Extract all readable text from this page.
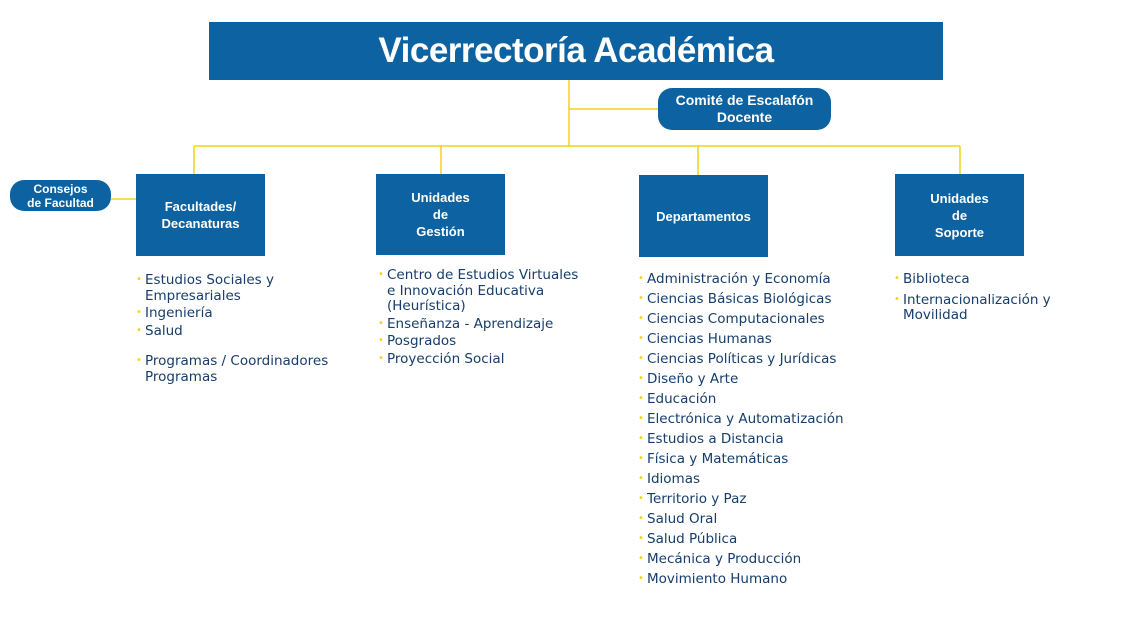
Vicerrectoría Académica
Comité de Escalafón
Docente
Consejos
de Facultad	Facultades/
Decanaturas
Unidades
de
Gestión
Departamentos
Unidades
de
Soporte
• Estudios Sociales y Empresariales
• Ingeniería
• Salud
• Programas / Coordinadores Programas
• Centro de Estudios Virtuales e Innovación Educativa (Heurística)
• Enseñanza - Aprendizaje
• Posgrados
• Proyección Social
• Administración y Economía
• Ciencias Básicas Biológicas
• Ciencias Computacionales
• Ciencias Humanas
• Ciencias Políticas y Jurídicas
• Diseño y Arte
• Educación
• Electrónica y Automatización
• Estudios a Distancia
• Física y Matemáticas
• Idiomas
• Territorio y Paz
• Salud Oral
• Salud Pública
• Mecánica y Producción
• Movimiento Humano
• Biblioteca
• Internacionalización y Movilidad
